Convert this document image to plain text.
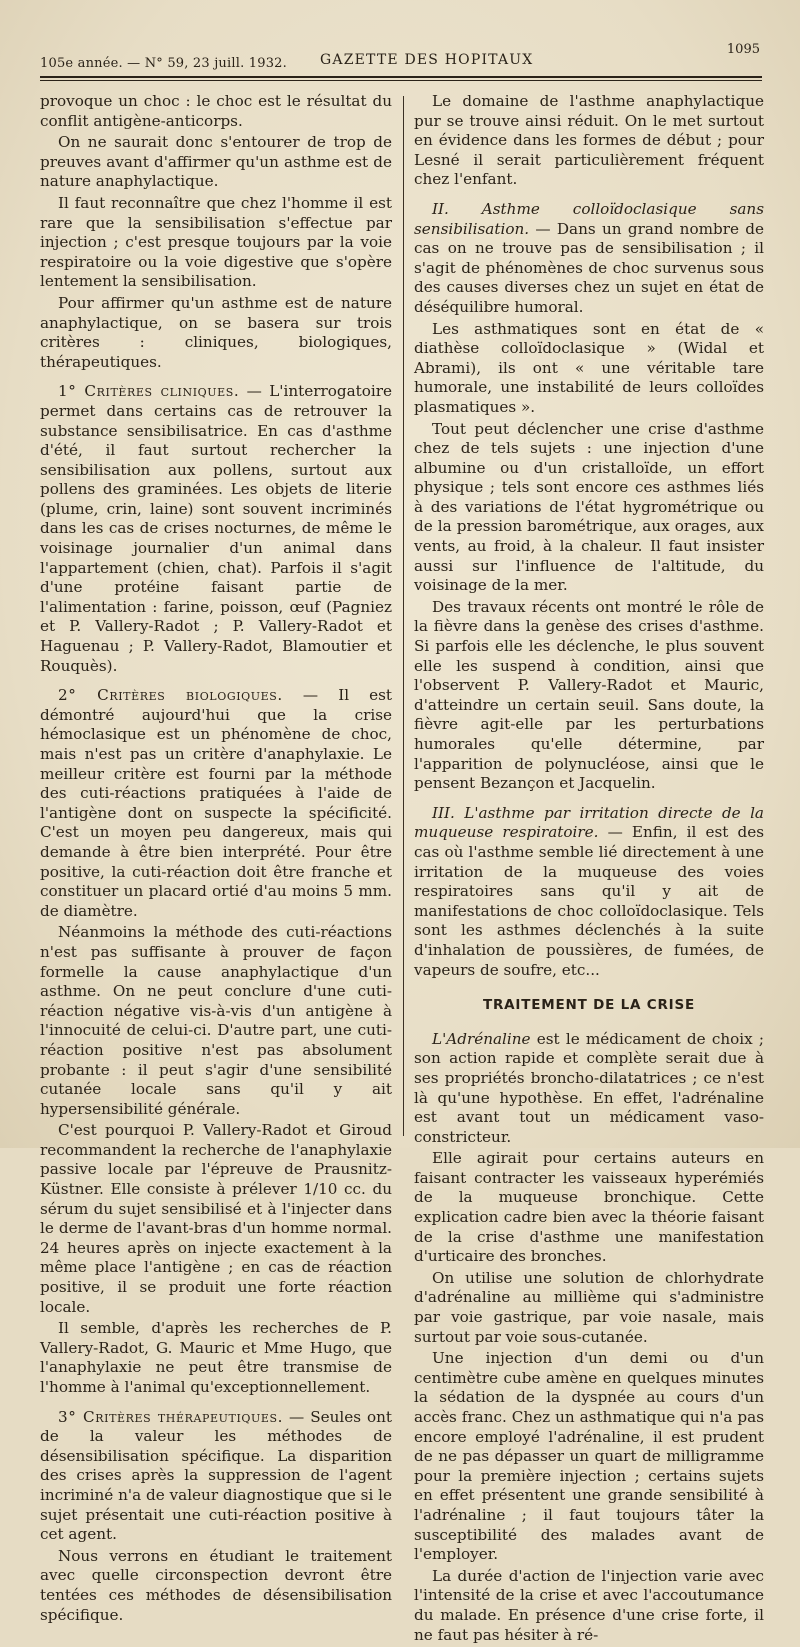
105e année. — N° 59, 23 juill. 1932. GAZETTE DES HOPITAUX
1095

provoque un choc : le choc est le résultat du conflit antigène-anticorps.

On ne saurait donc s'entourer de trop de preuves avant d'affirmer qu'un asthme est de nature anaphylactique.

Il faut reconnaître que chez l'homme il est rare que la sensibilisation s'effectue par injection ; c'est presque toujours par la voie respiratoire ou la voie digestive que s'opère lentement la sensibilisation.

Pour affirmer qu'un asthme est de nature anaphylactique, on se basera sur trois critères : cliniques, biologiques, thérapeutiques.

1° Critères cliniques. — L'interrogatoire permet dans certains cas de retrouver la substance sensibilisatrice. En cas d'asthme d'été, il faut surtout rechercher la sensibilisation aux pollens, surtout aux pollens des graminées. Les objets de literie (plume, crin, laine) sont souvent incriminés dans les cas de crises nocturnes, de même le voisinage journalier d'un animal dans l'appartement (chien, chat). Parfois il s'agit d'une protéine faisant partie de l'alimentation : farine, poisson, œuf (Pagniez et P. Vallery-Radot ; P. Vallery-Radot et Haguenau ; P. Vallery-Radot, Blamoutier et Rouquès).

2° Critères biologiques. — Il est démontré aujourd'hui que la crise hémoclasique est un phénomène de choc, mais n'est pas un critère d'anaphylaxie. Le meilleur critère est fourni par la méthode des cuti-réactions pratiquées à l'aide de l'antigène dont on suspecte la spécificité. C'est un moyen peu dangereux, mais qui demande à être bien interprété. Pour être positive, la cuti-réaction doit être franche et constituer un placard ortié d'au moins 5 mm. de diamètre.

Néanmoins la méthode des cuti-réactions n'est pas suffisante à prouver de façon formelle la cause anaphylactique d'un asthme. On ne peut conclure d'une cuti-réaction négative vis-à-vis d'un antigène à l'innocuité de celui-ci. D'autre part, une cuti-réaction positive n'est pas absolument probante : il peut s'agir d'une sensibilité cutanée locale sans qu'il y ait hypersensibilité générale.

C'est pourquoi P. Vallery-Radot et Giroud recommandent la recherche de l'anaphylaxie passive locale par l'épreuve de Prausnitz-Küstner. Elle consiste à prélever 1/10 cc. du sérum du sujet sensibilisé et à l'injecter dans le derme de l'avant-bras d'un homme normal. 24 heures après on injecte exactement à la même place l'antigène ; en cas de réaction positive, il se produit une forte réaction locale.

Il semble, d'après les recherches de P. Vallery-Radot, G. Mauric et Mme Hugo, que l'anaphylaxie ne peut être transmise de l'homme à l'animal qu'exceptionnellement.

3° Critères thérapeutiques. — Seules ont de la valeur les méthodes de désensibilisation spécifique. La disparition des crises après la suppression de l'agent incriminé n'a de valeur diagnostique que si le sujet présentait une cuti-réaction positive à cet agent.

Nous verrons en étudiant le traitement avec quelle circonspection devront être tentées ces méthodes de désensibilisation spécifique.

Le domaine de l'asthme anaphylactique pur se trouve ainsi réduit. On le met surtout en évidence dans les formes de début ; pour Lesné il serait particulièrement fréquent chez l'enfant.

II. Asthme colloïdoclasique sans sensibilisation. — Dans un grand nombre de cas on ne trouve pas de sensibilisation ; il s'agit de phénomènes de choc survenus sous des causes diverses chez un sujet en état de déséquilibre humoral.

Les asthmatiques sont en état de « diathèse colloïdoclasique » (Widal et Abrami), ils ont « une véritable tare humorale, une instabilité de leurs colloïdes plasmatiques ».

Tout peut déclencher une crise d'asthme chez de tels sujets : une injection d'une albumine ou d'un cristalloïde, un effort physique ; tels sont encore ces asthmes liés à des variations de l'état hygrométrique ou de la pression barométrique, aux orages, aux vents, au froid, à la chaleur. Il faut insister aussi sur l'influence de l'altitude, du voisinage de la mer.

Des travaux récents ont montré le rôle de la fièvre dans la genèse des crises d'asthme. Si parfois elle les déclenche, le plus souvent elle les suspend à condition, ainsi que l'observent P. Vallery-Radot et Mauric, d'atteindre un certain seuil. Sans doute, la fièvre agit-elle par les perturbations humorales qu'elle détermine, par l'apparition de polynucléose, ainsi que le pensent Bezançon et Jacquelin.

III. L'asthme par irritation directe de la muqueuse respiratoire. — Enfin, il est des cas où l'asthme semble lié directement à une irritation de la muqueuse des voies respiratoires sans qu'il y ait de manifestations de choc colloïdoclasique. Tels sont les asthmes déclenchés à la suite d'inhalation de poussières, de fumées, de vapeurs de soufre, etc...

TRAITEMENT DE LA CRISE

L'Adrénaline est le médicament de choix ; son action rapide et complète serait due à ses propriétés broncho-dilatatrices ; ce n'est là qu'une hypothèse. En effet, l'adrénaline est avant tout un médicament vaso-constricteur.

Elle agirait pour certains auteurs en faisant contracter les vaisseaux hyperémiés de la muqueuse bronchique. Cette explication cadre bien avec la théorie faisant de la crise d'asthme une manifestation d'urticaire des bronches.

On utilise une solution de chlorhydrate d'adrénaline au millième qui s'administre par voie gastrique, par voie nasale, mais surtout par voie sous-cutanée.

Une injection d'un demi ou d'un centimètre cube amène en quelques minutes la sédation de la dyspnée au cours d'un accès franc. Chez un asthmatique qui n'a pas encore employé l'adrénaline, il est prudent de ne pas dépasser un quart de milligramme pour la première injection ; certains sujets en effet présentent une grande sensibilité à l'adrénaline ; il faut toujours tâter la susceptibilité des malades avant de l'employer.

La durée d'action de l'injection varie avec l'intensité de la crise et avec l'accoutumance du malade. En présence d'une crise forte, il ne faut pas hésiter à ré-
